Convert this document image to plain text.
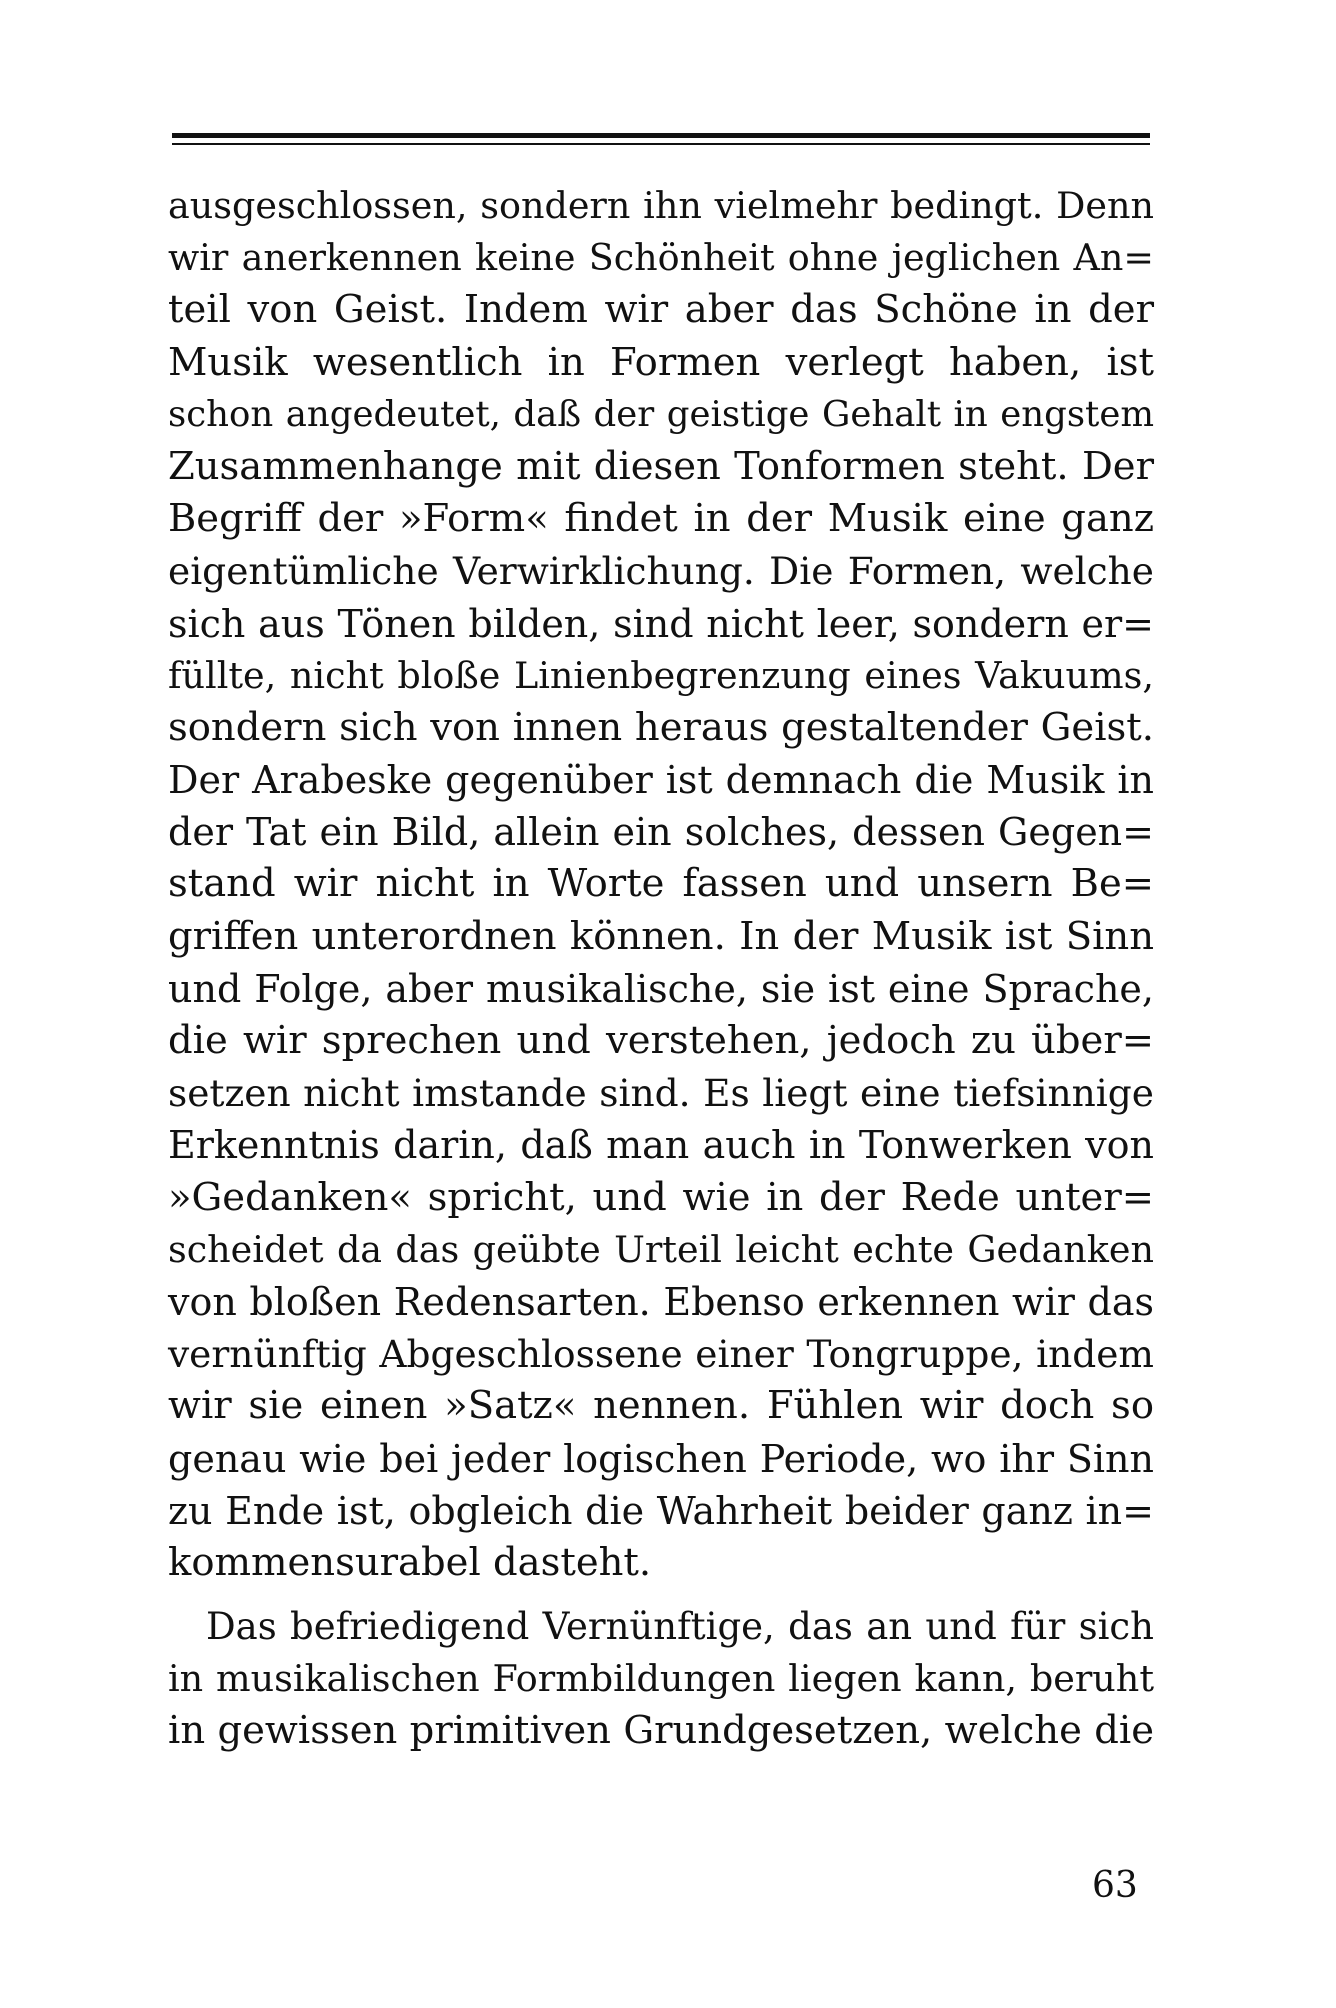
ausgeschlossen, sondern ihn vielmehr bedingt. Denn
wir anerkennen keine Schönheit ohne jeglichen An=
teil von Geist. Indem wir aber das Schöne in der
Musik wesentlich in Formen verlegt haben, ist
schon angedeutet, daß der geistige Gehalt in engstem
Zusammenhange mit diesen Tonformen steht. Der
Begriff der »Form« findet in der Musik eine ganz
eigentümliche Verwirklichung. Die Formen, welche
sich aus Tönen bilden, sind nicht leer, sondern er=
füllte, nicht bloße Linienbegrenzung eines Vakuums,
sondern sich von innen heraus gestaltender Geist.
Der Arabeske gegenüber ist demnach die Musik in
der Tat ein Bild, allein ein solches, dessen Gegen=
stand wir nicht in Worte fassen und unsern Be=
griffen unterordnen können. In der Musik ist Sinn
und Folge, aber musikalische, sie ist eine Sprache,
die wir sprechen und verstehen, jedoch zu über=
setzen nicht imstande sind. Es liegt eine tiefsinnige
Erkenntnis darin, daß man auch in Tonwerken von
»Gedanken« spricht, und wie in der Rede unter=
scheidet da das geübte Urteil leicht echte Gedanken
von bloßen Redensarten. Ebenso erkennen wir das
vernünftig Abgeschlossene einer Tongruppe, indem
wir sie einen »Satz« nennen. Fühlen wir doch so
genau wie bei jeder logischen Periode, wo ihr Sinn
zu Ende ist, obgleich die Wahrheit beider ganz in=
kommensurabel dasteht.
Das befriedigend Vernünftige, das an und für sich
in musikalischen Formbildungen liegen kann, beruht
in gewissen primitiven Grundgesetzen, welche die
63
